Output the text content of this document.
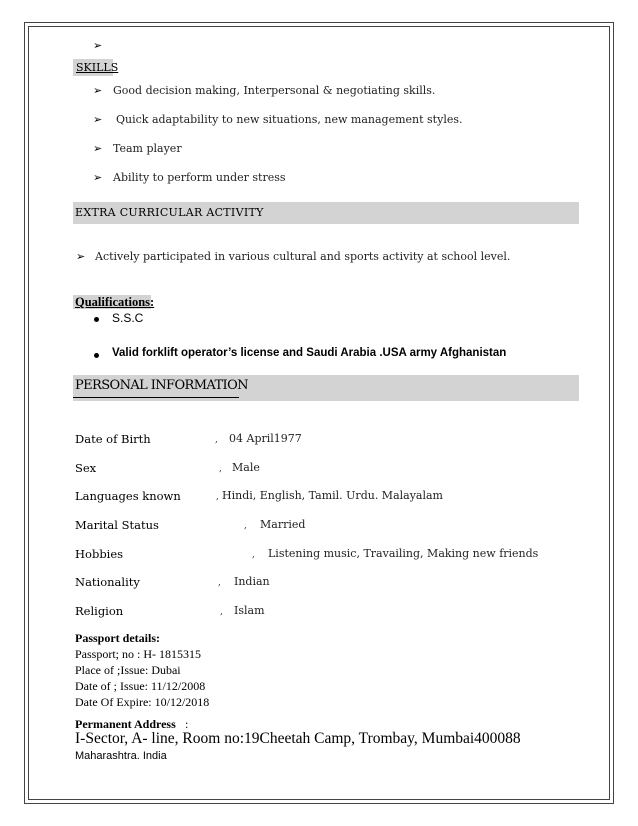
➢
SKILLS
➢ Good decision making, Interpersonal & negotiating skills.
➢ Quick adaptability to new situations, new management styles.
➢ Team player
➢ Ability to perform under stress
EXTRA CURRICULAR ACTIVITY
➢ Actively participated in various cultural and sports activity at school level.
Qualifications:
S.S.C
Valid forklift operator’s license and Saudi Arabia .USA army Afghanistan
PERSONAL INFORMATION
Date of Birth	, 04 April1977
Sex	, Male
Languages known	, Hindi, English, Tamil. Urdu. Malayalam
Marital Status	, Married
Hobbies	, Listening music, Travailing, Making new friends
Nationality	, Indian
Religion	, Islam
Passport details:
Passport; no : H- 1815315
Place of ;Issue: Dubai
Date of ; Issue: 11/12/2008
Date Of Expire: 10/12/2018
Permanent Address :
I-Sector, A- line, Room no:19Cheetah Camp, Trombay, Mumbai400088
Maharashtra. India
